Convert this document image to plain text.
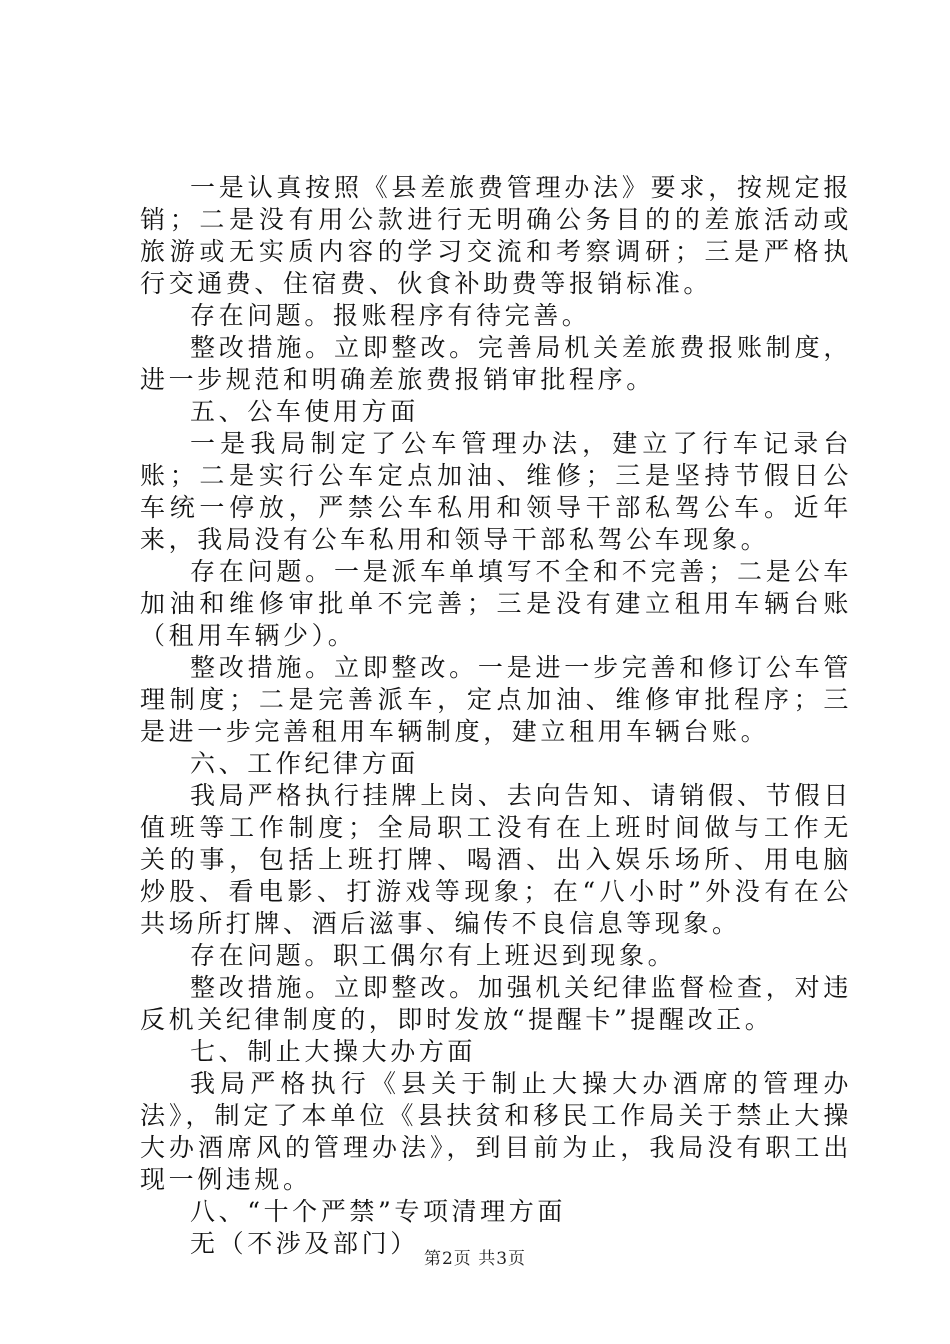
一是认真按照《县差旅费管理办法》要求，按规定报销；二是没有用公款进行无明确公务目的的差旅活动或旅游或无实质内容的学习交流和考察调研；三是严格执行交通费、住宿费、伙食补助费等报销标准。

存在问题。报账程序有待完善。

整改措施。立即整改。完善局机关差旅费报账制度，进一步规范和明确差旅费报销审批程序。

五、公车使用方面

一是我局制定了公车管理办法，建立了行车记录台账；二是实行公车定点加油、维修；三是坚持节假日公车统一停放，严禁公车私用和领导干部私驾公车。近年来，我局没有公车私用和领导干部私驾公车现象。

存在问题。一是派车单填写不全和不完善；二是公车加油和维修审批单不完善；三是没有建立租用车辆台账（租用车辆少）。

整改措施。立即整改。一是进一步完善和修订公车管理制度；二是完善派车，定点加油、维修审批程序；三是进一步完善租用车辆制度，建立租用车辆台账。

六、工作纪律方面

我局严格执行挂牌上岗、去向告知、请销假、节假日值班等工作制度；全局职工没有在上班时间做与工作无关的事，包括上班打牌、喝酒、出入娱乐场所、用电脑炒股、看电影、打游戏等现象；在“八小时”外没有在公共场所打牌、酒后滋事、编传不良信息等现象。

存在问题。职工偶尔有上班迟到现象。

整改措施。立即整改。加强机关纪律监督检查，对违反机关纪律制度的，即时发放“提醒卡”提醒改正。

七、制止大操大办方面

我局严格执行《县关于制止大操大办酒席的管理办法》，制定了本单位《县扶贫和移民工作局关于禁止大操大办酒席风的管理办法》，到目前为止，我局没有职工出现一例违规。

八、“十个严禁”专项清理方面

无（不涉及部门）

第2页 共3页
